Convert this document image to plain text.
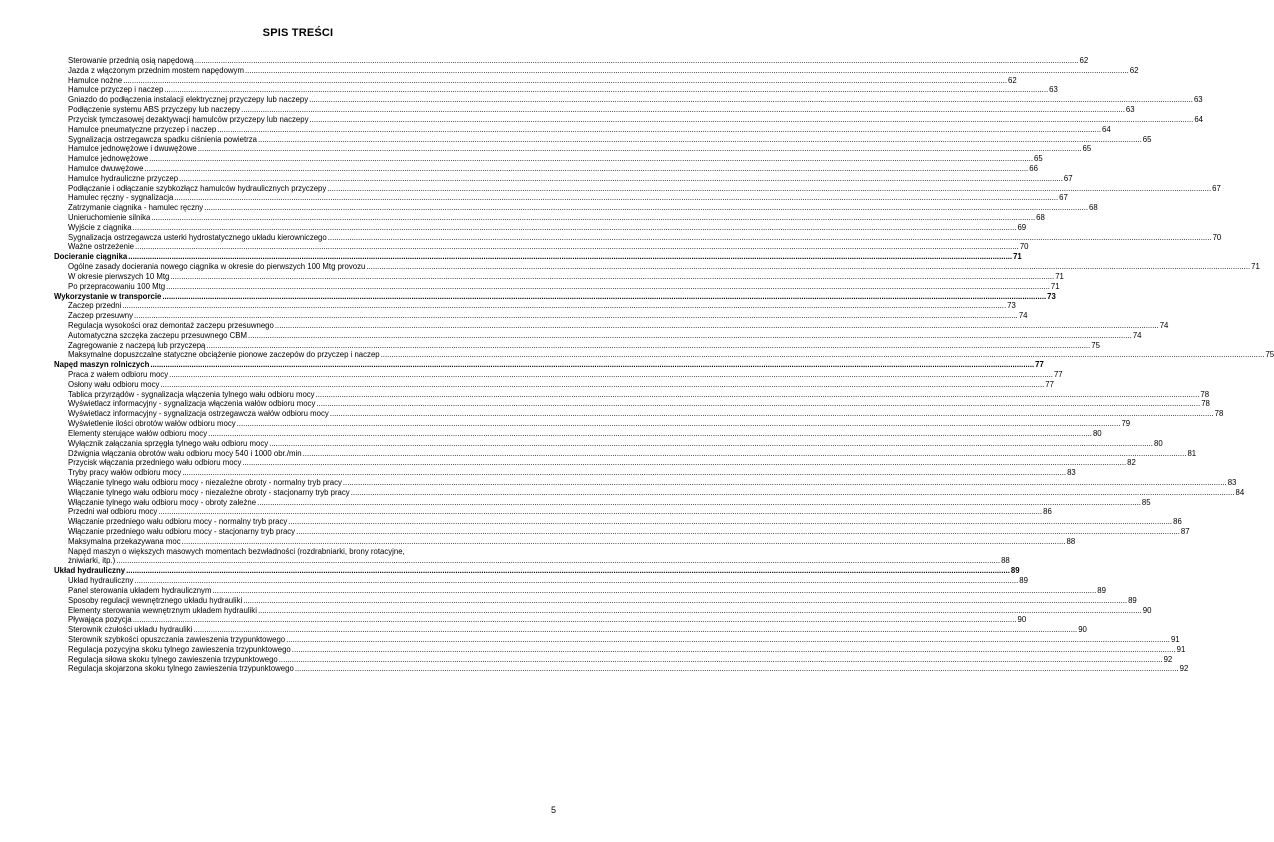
SPIS TREŚCI
Sterowanie przednią osią napędową .....	62
Jazda z włączonym przednim mostem napędowym .....	62
Hamulce nożne .....	62
Hamulce przyczep i naczep .....	63
Gniazdo do podłączenia instalacji elektrycznej przyczepy lub naczepy .....	63
Podłączenie systemu ABS przyczepy lub naczepy .....	63
Przycisk tymczasowej dezaktywacji hamulców przyczepy lub naczepy .....	64
Hamulce pneumatyczne przyczep i naczep .....	64
Sygnalizacja ostrzegawcza spadku ciśnienia powietrza .....	65
Hamulce jednowężowe i dwuwężowe .....	65
Hamulce jednowężowe .....	65
Hamulce dwuwężowe .....	66
Hamulce hydrauliczne przyczep .....	67
Podłączanie i odłączanie szybkozłącz hamulców hydraulicznych przyczepy .....	67
Hamulec ręczny - sygnalizacja .....	67
Zatrzymanie ciągnika - hamulec ręczny .....	68
Unieruchomienie silnika .....	68
Wyjście z ciągnika .....	69
Sygnalizacja ostrzegawcza usterki hydrostatycznego układu kierowniczego .....	70
Ważne ostrzeżenie .....	70
Docieranie ciągnika .....	71
Ogólne zasady docierania nowego ciągnika w okresie do pierwszych 100 Mtg provozu .....	71
W okresie pierwszych 10 Mtg .....	71
Po przepracowaniu 100 Mtg .....	71
Wykorzystanie w transporcie .....	73
Zaczep przedni .....	73
Zaczep przesuwny .....	74
Regulacja wysokości oraz demontaż zaczepu przesuwnego .....	74
Automatyczna szczęka zaczepu przesuwnego CBM .....	74
Zagregowanie z naczepą lub przyczepą .....	75
Maksymalne dopuszczalne statyczne obciążenie pionowe zaczepów do przyczep i naczep .....	75
Napęd maszyn rolniczych .....	77
Praca z wałem odbioru mocy .....	77
Osłony wału odbioru mocy .....	77
Tablica przyrządów - sygnalizacja włączenia tylnego wału odbioru mocy .....	78
Wyświetlacz informacyjny - sygnalizacja włączenia wałów odbioru mocy .....	78
Wyświetlacz informacyjny - sygnalizacja ostrzegawcza wałów odbioru mocy .....	78
Wyświetlenie ilości obrotów wałów odbioru mocy .....	79
Elementy sterujące wałów odbioru mocy .....	80
Wyłącznik załączania sprzęgła tylnego wału odbioru mocy .....	80
Dźwignia włączania obrotów wału odbioru mocy 540 i 1000 obr./min .....	81
Przycisk włączania przedniego wału odbioru mocy .....	82
Tryby pracy wałów odbioru mocy .....	83
Włączanie tylnego wału odbioru mocy - niezależne obroty - normalny tryb pracy .....	83
Włączanie tylnego wału odbioru mocy - niezależne obroty - stacjonarny tryb pracy .....	84
Włączanie tylnego wału odbioru mocy - obroty zależne .....	85
Przedni wał odbioru mocy .....	86
Włączanie przedniego wału odbioru mocy - normalny tryb pracy .....	86
Włączanie przedniego wału odbioru mocy - stacjonarny tryb pracy .....	87
Maksymalna przekazywana moc .....	88
Napęd maszyn o większych masowych momentach bezwładności (rozdrabniarki, brony rotacyjne,
żniwiarki, itp.) .....	88
Układ hydrauliczny .....	89
Układ hydrauliczny .....	89
Panel sterowania układem hydraulicznym .....	89
Sposoby regulacji wewnętrznego układu hydrauliki .....	89
Elementy sterowania wewnętrznym układem hydrauliki .....	90
Pływająca pozycja .....	90
Sterownik czułości układu hydrauliki .....	90
Sterownik szybkości opuszczania zawieszenia trzypunktowego .....	91
Regulacja pozycyjna skoku tylnego zawieszenia trzypunktowego .....	91
Regulacja siłowa skoku tylnego zawieszenia trzypunktowego .....	92
Regulacja skojarzona skoku tylnego zawieszenia trzypunktowego .....	92
5
